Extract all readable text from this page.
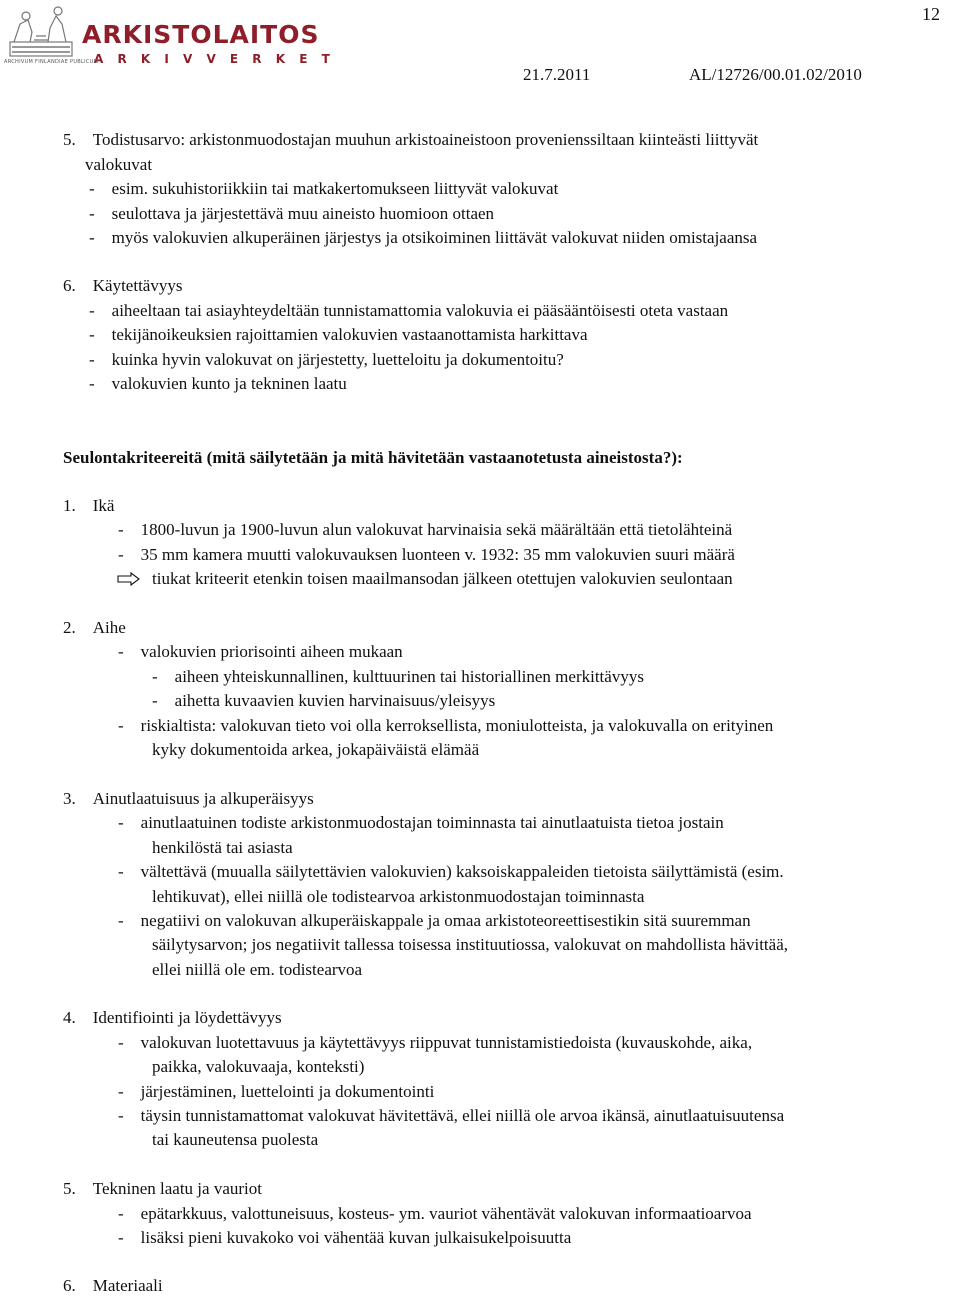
ARKISTOLAITOS
A R K I V V E R K E T
ARCHIVUM FINLANDIAE PUBLICUM
12
21.7.2011	AL/12726/00.01.02/2010
5. Todistusarvo: arkistonmuodostajan muuhun arkistoaineistoon provenienssiltaan kiinteästi liittyvät
valokuvat
- esim. sukuhistoriikkiin tai matkakertomukseen liittyvät valokuvat
- seulottava ja järjestettävä muu aineisto huomioon ottaen
- myös valokuvien alkuperäinen järjestys ja otsikoiminen liittävät valokuvat niiden omistajaansa
6. Käytettävyys
- aiheeltaan tai asiayhteydeltään tunnistamattomia valokuvia ei pääsääntöisesti oteta vastaan
- tekijänoikeuksien rajoittamien valokuvien vastaanottamista harkittava
- kuinka hyvin valokuvat on järjestetty, luetteloitu ja dokumentoitu?
- valokuvien kunto ja tekninen laatu
Seulontakriteereitä (mitä säilytetään ja mitä hävitetään vastaanotetusta aineistosta?):
1. Ikä
- 1800-luvun ja 1900-luvun alun valokuvat harvinaisia sekä määrältään että tietolähteinä
- 35 mm kamera muutti valokuvauksen luonteen v. 1932: 35 mm valokuvien suuri määrä
tiukat kriteerit etenkin toisen maailmansodan jälkeen otettujen valokuvien seulontaan
2. Aihe
- valokuvien priorisointi aiheen mukaan
- aiheen yhteiskunnallinen, kulttuurinen tai historiallinen merkittävyys
- aihetta kuvaavien kuvien harvinaisuus/yleisyys
- riskialtista: valokuvan tieto voi olla kerroksellista, moniulotteista, ja valokuvalla on erityinen
kyky dokumentoida arkea, jokapäiväistä elämää
3. Ainutlaatuisuus ja alkuperäisyys
- ainutlaatuinen todiste arkistonmuodostajan toiminnasta tai ainutlaatuista tietoa jostain
henkilöstä tai asiasta
- vältettävä (muualla säilytettävien valokuvien) kaksoiskappaleiden tietoista säilyttämistä (esim.
lehtikuvat), ellei niillä ole todistearvoa arkistonmuodostajan toiminnasta
- negatiivi on valokuvan alkuperäiskappale ja omaa arkistoteoreettisestikin sitä suuremman
säilytysarvon; jos negatiivit tallessa toisessa instituutiossa, valokuvat on mahdollista hävittää,
ellei niillä ole em. todistearvoa
4. Identifiointi ja löydettävyys
- valokuvan luotettavuus ja käytettävyys riippuvat tunnistamistiedoista (kuvauskohde, aika,
paikka, valokuvaaja, konteksti)
- järjestäminen, luettelointi ja dokumentointi
- täysin tunnistamattomat valokuvat hävitettävä, ellei niillä ole arvoa ikänsä, ainutlaatuisuutensa
tai kauneutensa puolesta
5. Tekninen laatu ja vauriot
- epätarkkuus, valottuneisuus, kosteus- ym. vauriot vähentävät valokuvan informaatioarvoa
- lisäksi pieni kuvakoko voi vähentää kuvan julkaisukelpoisuutta
6. Materiaali
